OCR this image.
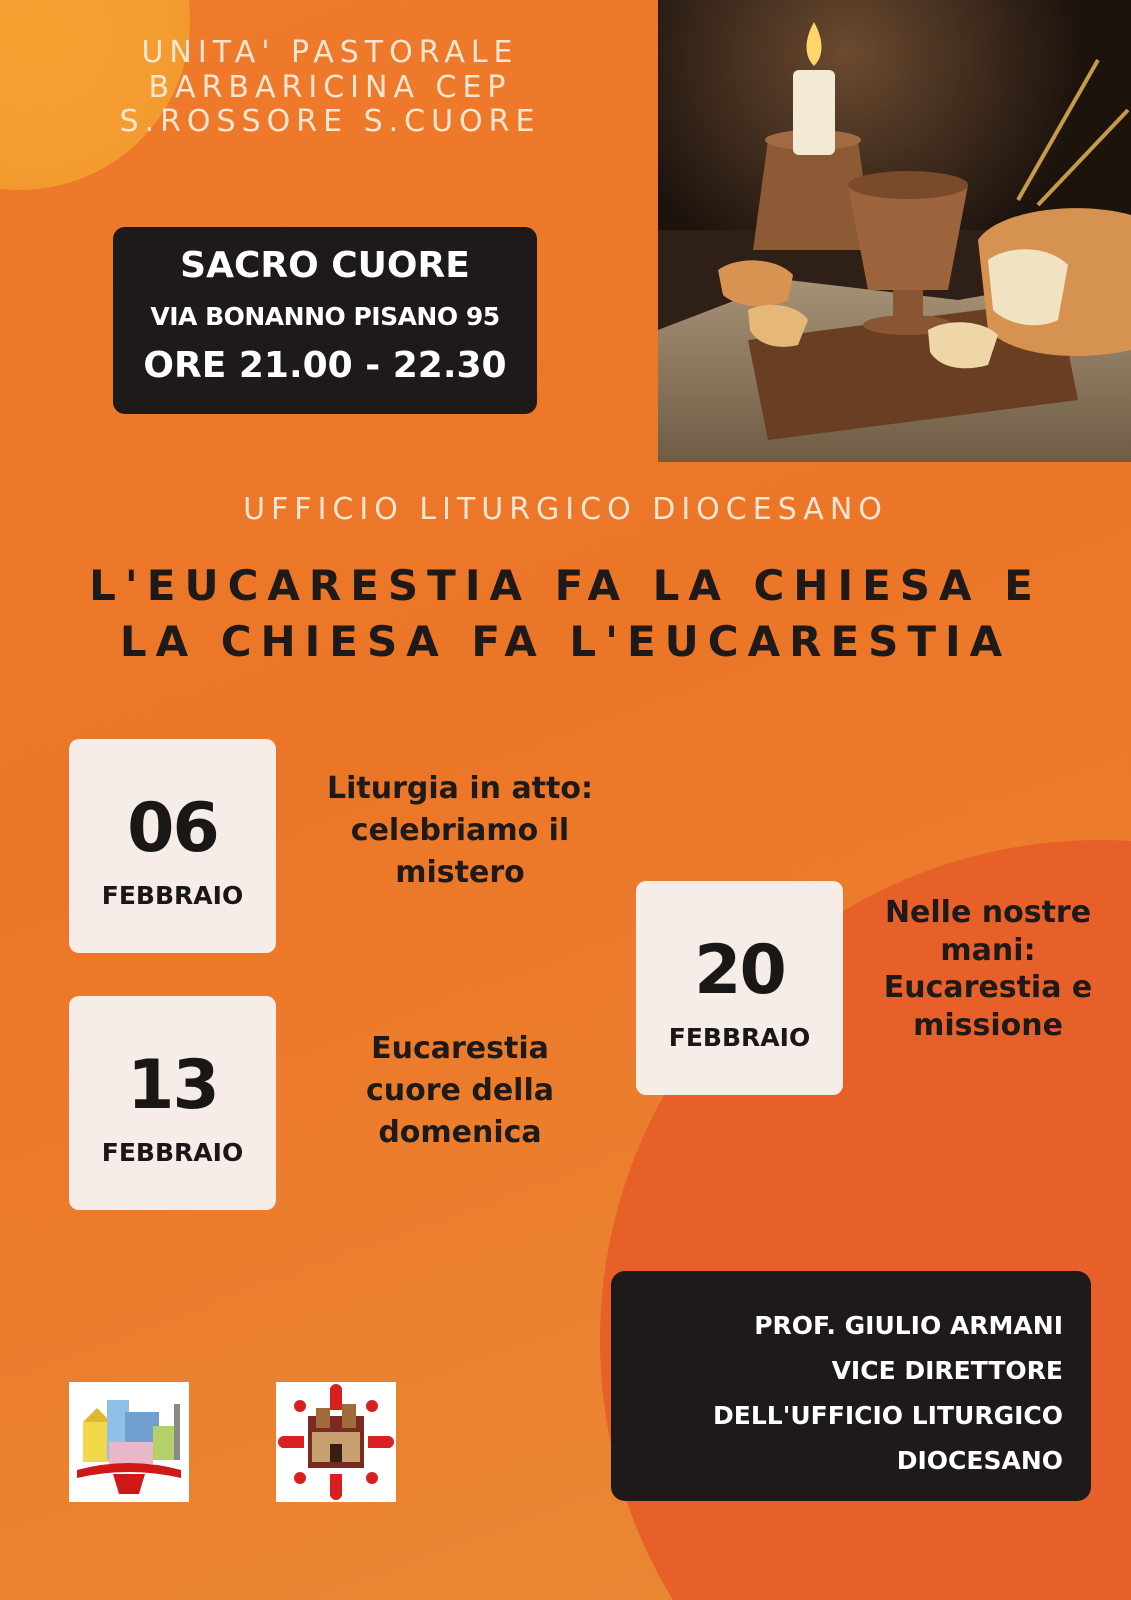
UNITA' PASTORALE
BARBARICINA CEP
S.ROSSORE S.CUORE
SACRO CUORE
VIA BONANNO PISANO 95
ORE 21.00 - 22.30
UFFICIO LITURGICO DIOCESANO
L'EUCARESTIA FA LA CHIESA E
LA CHIESA FA L'EUCARESTIA
06
FEBBRAIO
Liturgia in atto:
celebriamo il
mistero
13
FEBBRAIO
Eucarestia
cuore della
domenica
20
FEBBRAIO
Nelle nostre
mani:
Eucarestia e
missione
PROF. GIULIO ARMANI
VICE DIRETTORE
DELL'UFFICIO LITURGICO
DIOCESANO
